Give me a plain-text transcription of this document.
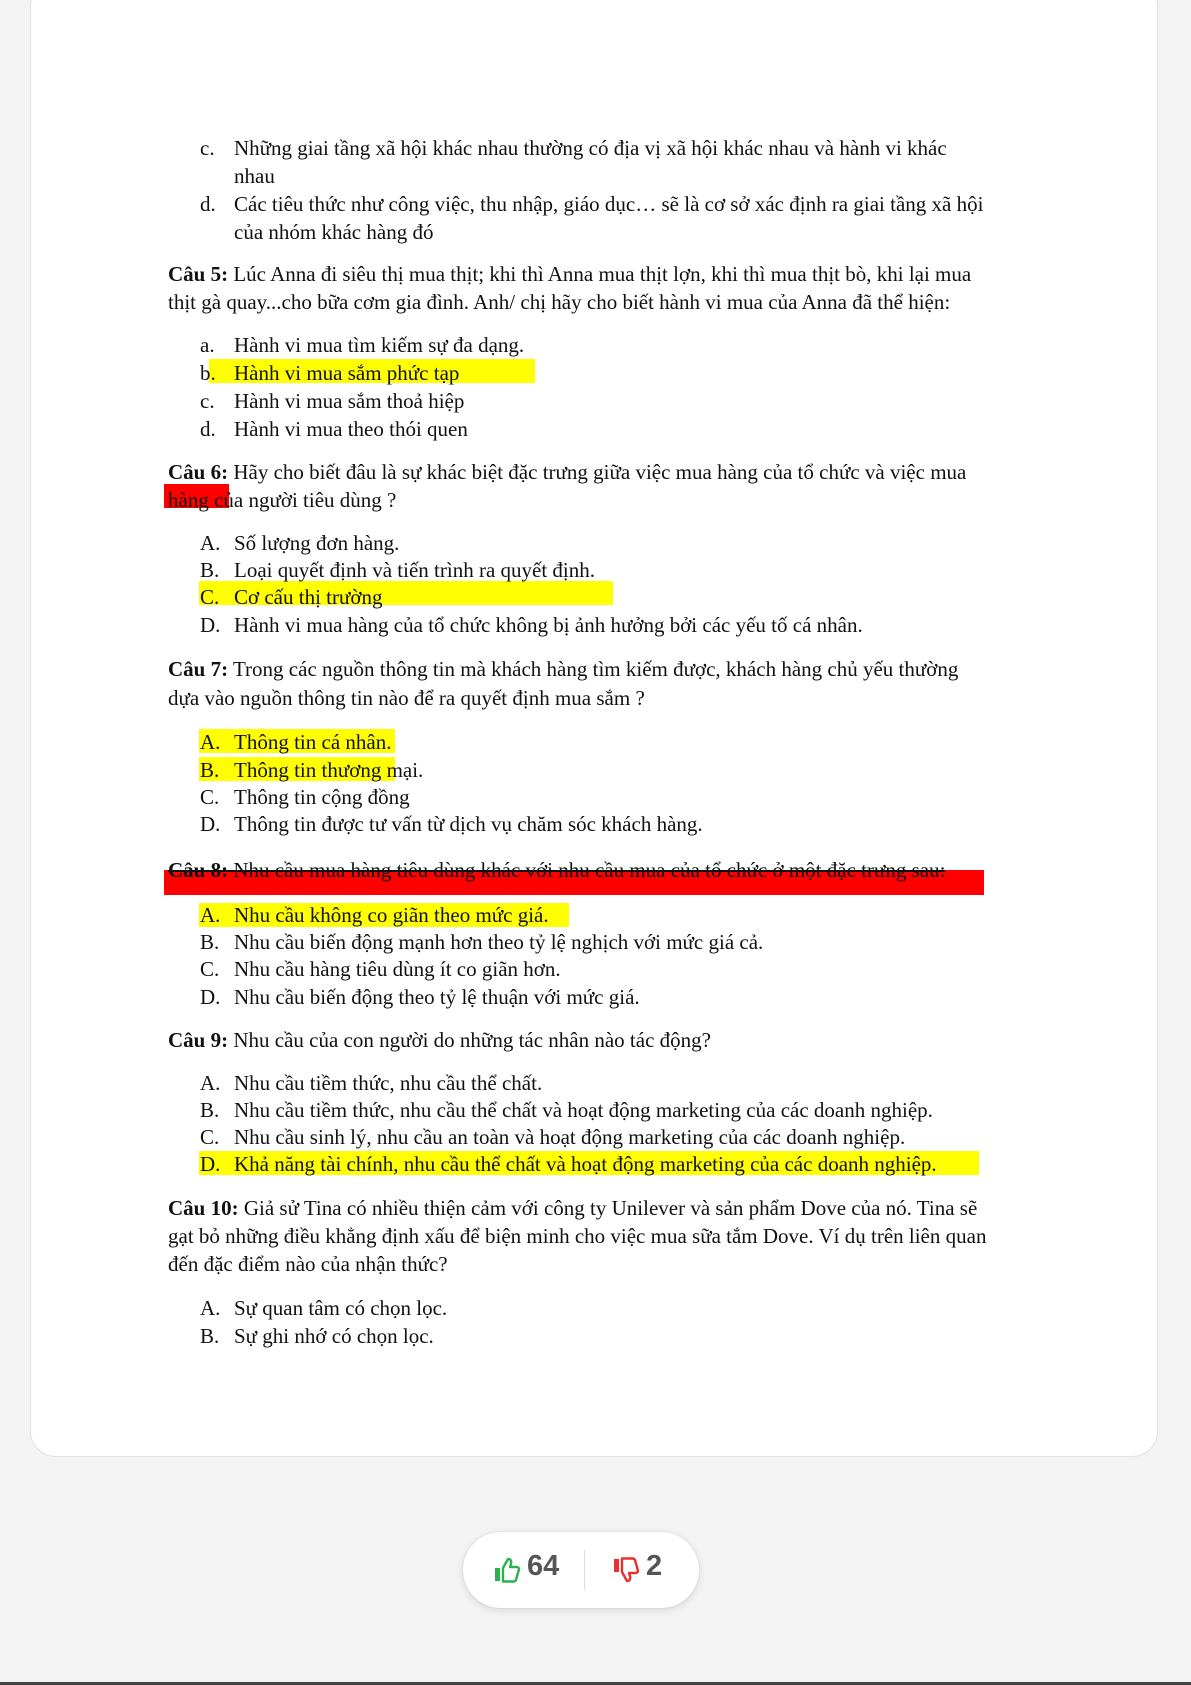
c. Những giai tầng xã hội khác nhau thường có địa vị xã hội khác nhau và hành vi khác
nhau
d. Các tiêu thức như công việc, thu nhập, giáo dục… sẽ là cơ sở xác định ra giai tầng xã hội
của nhóm khác hàng đó
Câu 5: Lúc Anna đi siêu thị mua thịt; khi thì Anna mua thịt lợn, khi thì mua thịt bò, khi lại mua
thịt gà quay...cho bữa cơm gia đình. Anh/ chị hãy cho biết hành vi mua của Anna đã thể hiện:
a. Hành vi mua tìm kiếm sự đa dạng.
b. Hành vi mua sắm phức tạp
c. Hành vi mua sắm thoả hiệp
d. Hành vi mua theo thói quen
Câu 6: Hãy cho biết đâu là sự khác biệt đặc trưng giữa việc mua hàng của tổ chức và việc mua
hàng của người tiêu dùng ?
A. Số lượng đơn hàng.
B. Loại quyết định và tiến trình ra quyết định.
C. Cơ cấu thị trường
D. Hành vi mua hàng của tổ chức không bị ảnh hưởng bởi các yếu tố cá nhân.
Câu 7: Trong các nguồn thông tin mà khách hàng tìm kiếm được, khách hàng chủ yếu thường
dựa vào nguồn thông tin nào để ra quyết định mua sắm ?
A. Thông tin cá nhân.
B. Thông tin thương mại.
C. Thông tin cộng đồng
D. Thông tin được tư vấn từ dịch vụ chăm sóc khách hàng.
Câu 8: Nhu cầu mua hàng tiêu dùng khác với nhu cầu mua của tổ chức ở một đặc trưng sau:
A. Nhu cầu không co giãn theo mức giá.
B. Nhu cầu biến động mạnh hơn theo tỷ lệ nghịch với mức giá cả.
C. Nhu cầu hàng tiêu dùng ít co giãn hơn.
D. Nhu cầu biến động theo tỷ lệ thuận với mức giá.
Câu 9: Nhu cầu của con người do những tác nhân nào tác động?
A. Nhu cầu tiềm thức, nhu cầu thể chất.
B. Nhu cầu tiềm thức, nhu cầu thể chất và hoạt động marketing của các doanh nghiệp.
C. Nhu cầu sinh lý, nhu cầu an toàn và hoạt động marketing của các doanh nghiệp.
D. Khả năng tài chính, nhu cầu thể chất và hoạt động marketing của các doanh nghiệp.
Câu 10: Giả sử Tina có nhiều thiện cảm với công ty Unilever và sản phẩm Dove của nó. Tina sẽ
gạt bỏ những điều khẳng định xấu để biện minh cho việc mua sữa tắm Dove. Ví dụ trên liên quan
đến đặc điểm nào của nhận thức?
A. Sự quan tâm có chọn lọc.
B. Sự ghi nhớ có chọn lọc.
64	2
